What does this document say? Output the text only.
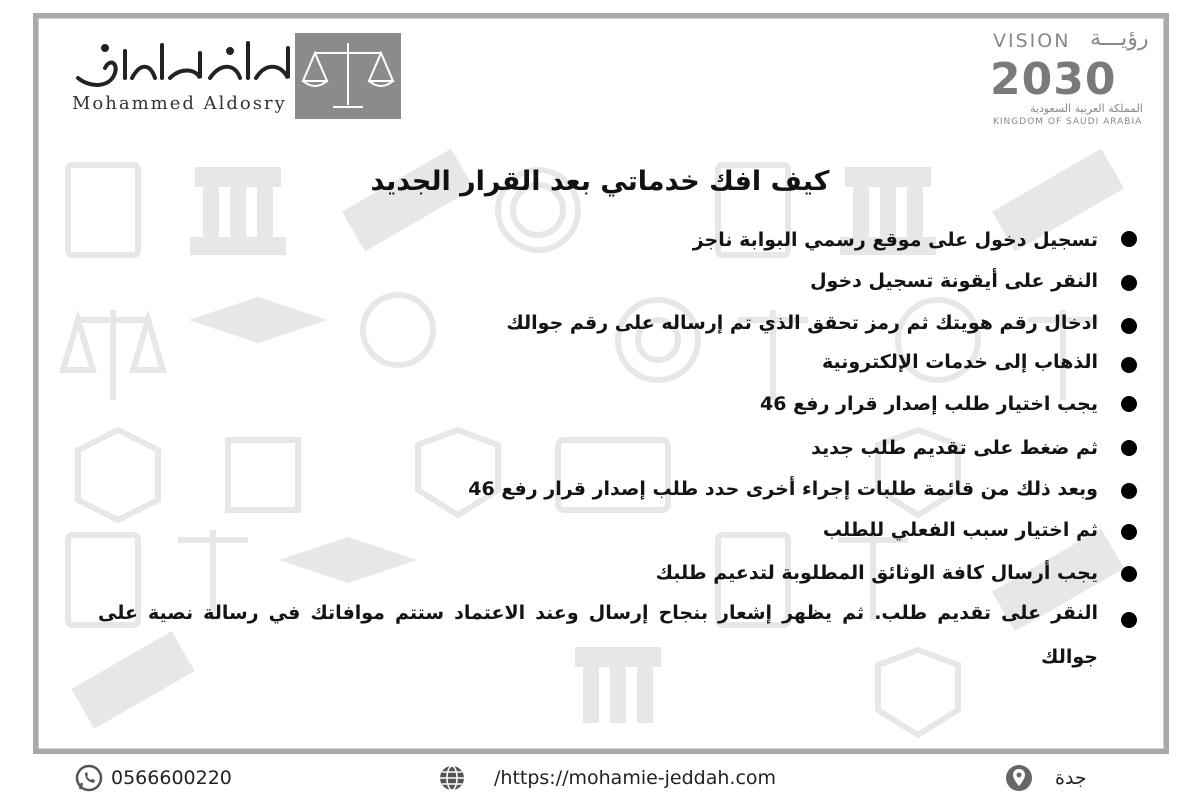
Mohammed Aldosry
VISION رؤيـــة
2030
المملكة العربية السعودية
KINGDOM OF SAUDI ARABIA
كيف افك خدماتي بعد القرار الجديد
تسجيل دخول على موقع رسمي البوابة ناجز
النقر على أيقونة تسجيل دخول
ادخال رقم هويتك ثم رمز تحقق الذي تم إرساله على رقم جوالك
الذهاب إلى خدمات الإلكترونية
يجب اختيار طلب إصدار قرار رفع 46
ثم ضغط على تقديم طلب جديد
وبعد ذلك من قائمة طلبات إجراء أخرى حدد طلب إصدار قرار رفع 46
ثم اختيار سبب الفعلي للطلب
يجب أرسال كافة الوثائق المطلوبة لتدعيم طلبك
النقر على تقديم طلب. ثم يظهر إشعار بنجاح إرسال وعند الاعتماد ستتم موافاتك في رسالة نصية على جوالك
0566600220	/https://mohamie-jeddah.com	جدة
